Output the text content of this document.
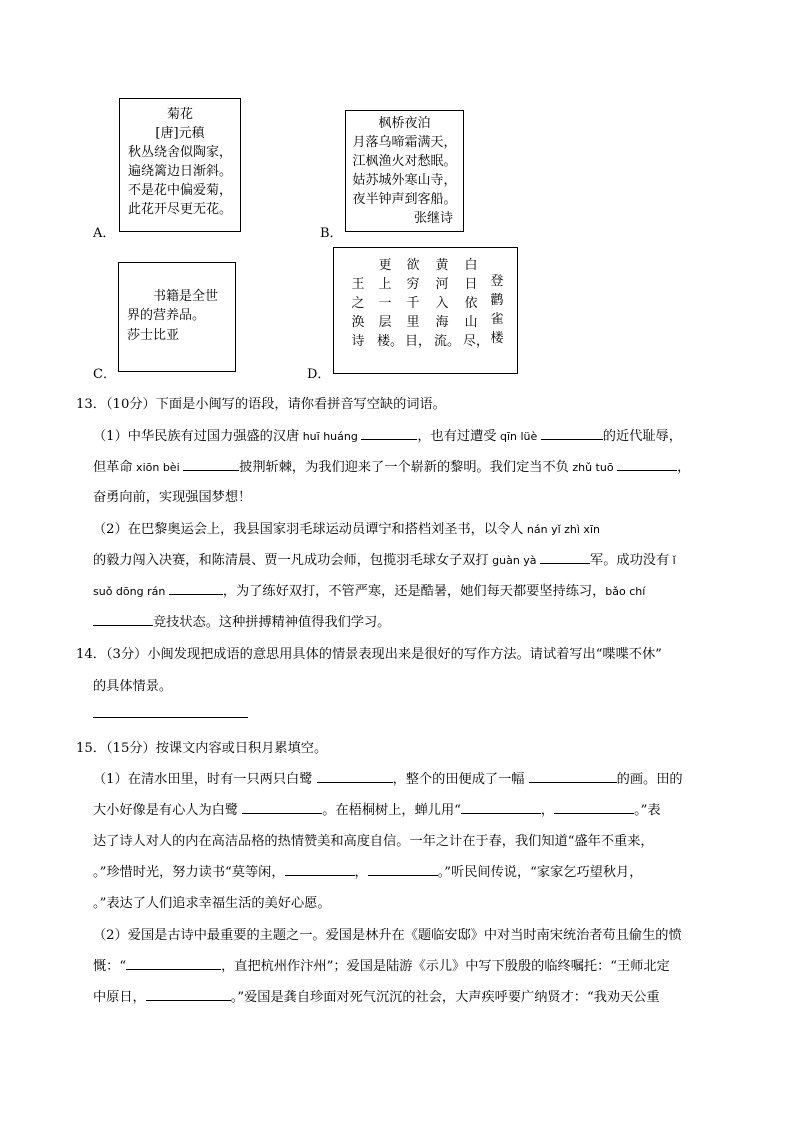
菊花
[唐]元稹
秋丛绕舍似陶家，
遍绕篱边日渐斜。
不是花中偏爱菊，
此花开尽更无花。
A．
枫桥夜泊
月落乌啼霜满天，
江枫渔火对愁眠。
姑苏城外寒山寺，
夜半钟声到客船。
张继诗
B．
书籍是全世
界的营养品。
莎士比亚
C．
登鹳雀楼
白日依山尽，
黄河入海流。
欲穷千里目，
更上一层楼。
王之涣诗
D．
13．（10分）下面是小闽写的语段，请你看拼音写空缺的词语。
（1）中华民族有过国力强盛的汉唐 huī huáng	，也有过遭受 qīn lüè	的近代耻辱，
但革命 xiōn bèi	披荆斩棘，为我们迎来了一个崭新的黎明。我们定当不负 zhǔ tuō	，
奋勇向前，实现强国梦想！
（2）在巴黎奥运会上，我县国家羽毛球运动员谭宁和搭档刘圣书，以令人 nán yǐ zhì xīn
的毅力闯入决赛，和陈清晨、贾一凡成功会师，包揽羽毛球女子双打 guàn yà	军。成功没有 ǐ
suǒ dōng rán	，为了练好双打，不管严寒，还是酷暑，她们每天都要坚持练习，bǎo chí
竞技状态。这种拼搏精神值得我们学习。
14．（3分）小闽发现把成语的意思用具体的情景表现出来是很好的写作方法。请试着写出“喋喋不休”
的具体情景。
15．（15分）按课文内容或日积月累填空。
（1）在清水田里，时有一只两只白鹭	，整个的田便成了一幅	的画。田的
大小好像是有心人为白鹭	。在梧桐树上，蝉儿用“	，	。”表
达了诗人对人的内在高洁品格的热情赞美和高度自信。一年之计在于春，我们知道“盛年不重来，
。”珍惜时光，努力读书“莫等闲，	，	。”听民间传说，“家家乞巧望秋月，
。”表达了人们追求幸福生活的美好心愿。
（2）爱国是古诗中最重要的主题之一。爱国是林升在《题临安邸》中对当时南宋统治者苟且偷生的愤
慨：“	，直把杭州作汴州”；爱国是陆游《示儿》中写下殷殷的临终嘱托：“王师北定
中原日，	。”爱国是龚自珍面对死气沉沉的社会，大声疾呼要广纳贤才：“我劝天公重
